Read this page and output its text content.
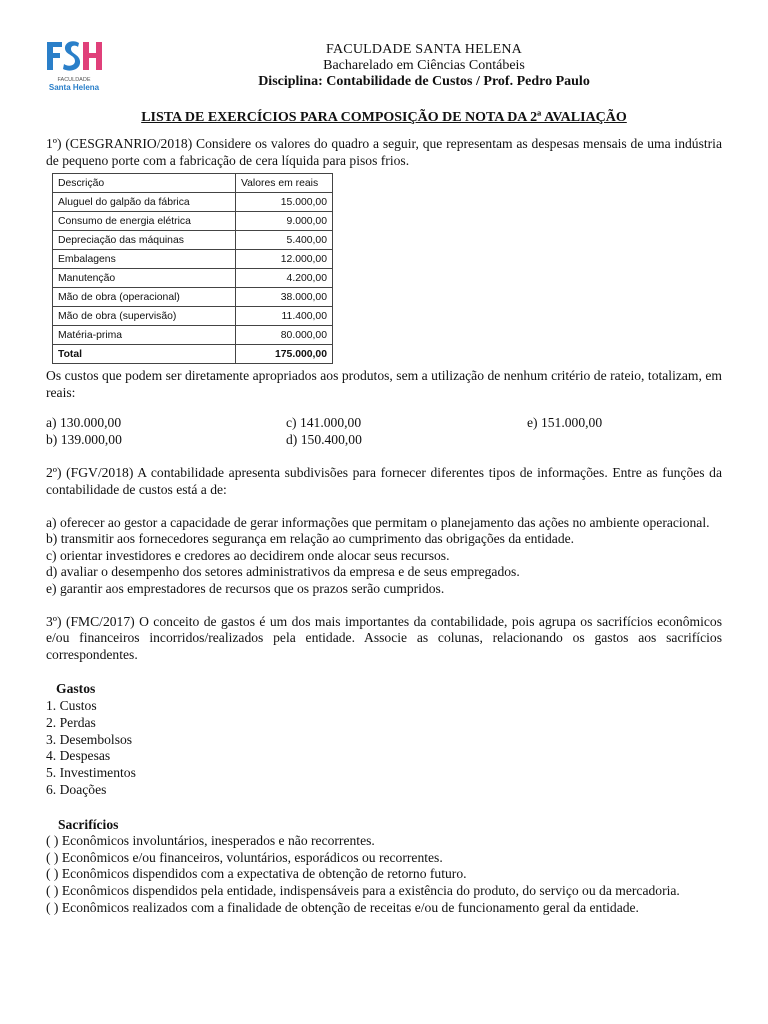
FACULDADE
Santa Helena
FACULDADE SANTA HELENA
Bacharelado em Ciências Contábeis
Disciplina: Contabilidade de Custos / Prof. Pedro Paulo
LISTA DE EXERCÍCIOS PARA COMPOSIÇÃO DE NOTA DA 2ª AVALIAÇÃO

1º) (CESGRANRIO/2018) Considere os valores do quadro a seguir, que representam as despesas mensais de uma indústria de pequeno porte com a fabricação de cera líquida para pisos frios.

Descrição	Valores em reais
Aluguel do galpão da fábrica	15.000,00
Consumo de energia elétrica	9.000,00
Depreciação das máquinas	5.400,00
Embalagens	12.000,00
Manutenção	4.200,00
Mão de obra (operacional)	38.000,00
Mão de obra (supervisão)	11.400,00
Matéria-prima	80.000,00
Total	175.000,00

Os custos que podem ser diretamente apropriados aos produtos, sem a utilização de nenhum critério de rateio, totalizam, em reais:

a) 130.000,00
b) 139.000,00
c) 141.000,00
d) 150.400,00
e) 151.000,00

2º) (FGV/2018) A contabilidade apresenta subdivisões para fornecer diferentes tipos de informações. Entre as funções da contabilidade de custos está a de:

a) oferecer ao gestor a capacidade de gerar informações que permitam o planejamento das ações no ambiente operacional.

b) transmitir aos fornecedores segurança em relação ao cumprimento das obrigações da entidade.

c) orientar investidores e credores ao decidirem onde alocar seus recursos.

d) avaliar o desempenho dos setores administrativos da empresa e de seus empregados.

e) garantir aos emprestadores de recursos que os prazos serão cumpridos.

3º) (FMC/2017) O conceito de gastos é um dos mais importantes da contabilidade, pois agrupa os sacrifícios econômicos e/ou financeiros incorridos/realizados pela entidade. Associe as colunas, relacionando os gastos aos sacrifícios correspondentes.

Gastos
1. Custos
2. Perdas
3. Desembolsos
4. Despesas
5. Investimentos
6. Doações
Sacrifícios

( ) Econômicos involuntários, inesperados e não recorrentes.

( ) Econômicos e/ou financeiros, voluntários, esporádicos ou recorrentes.

( ) Econômicos dispendidos com a expectativa de obtenção de retorno futuro.

( ) Econômicos dispendidos pela entidade, indispensáveis para a existência do produto, do serviço ou da mercadoria.

( ) Econômicos realizados com a finalidade de obtenção de receitas e/ou de funcionamento geral da entidade.
